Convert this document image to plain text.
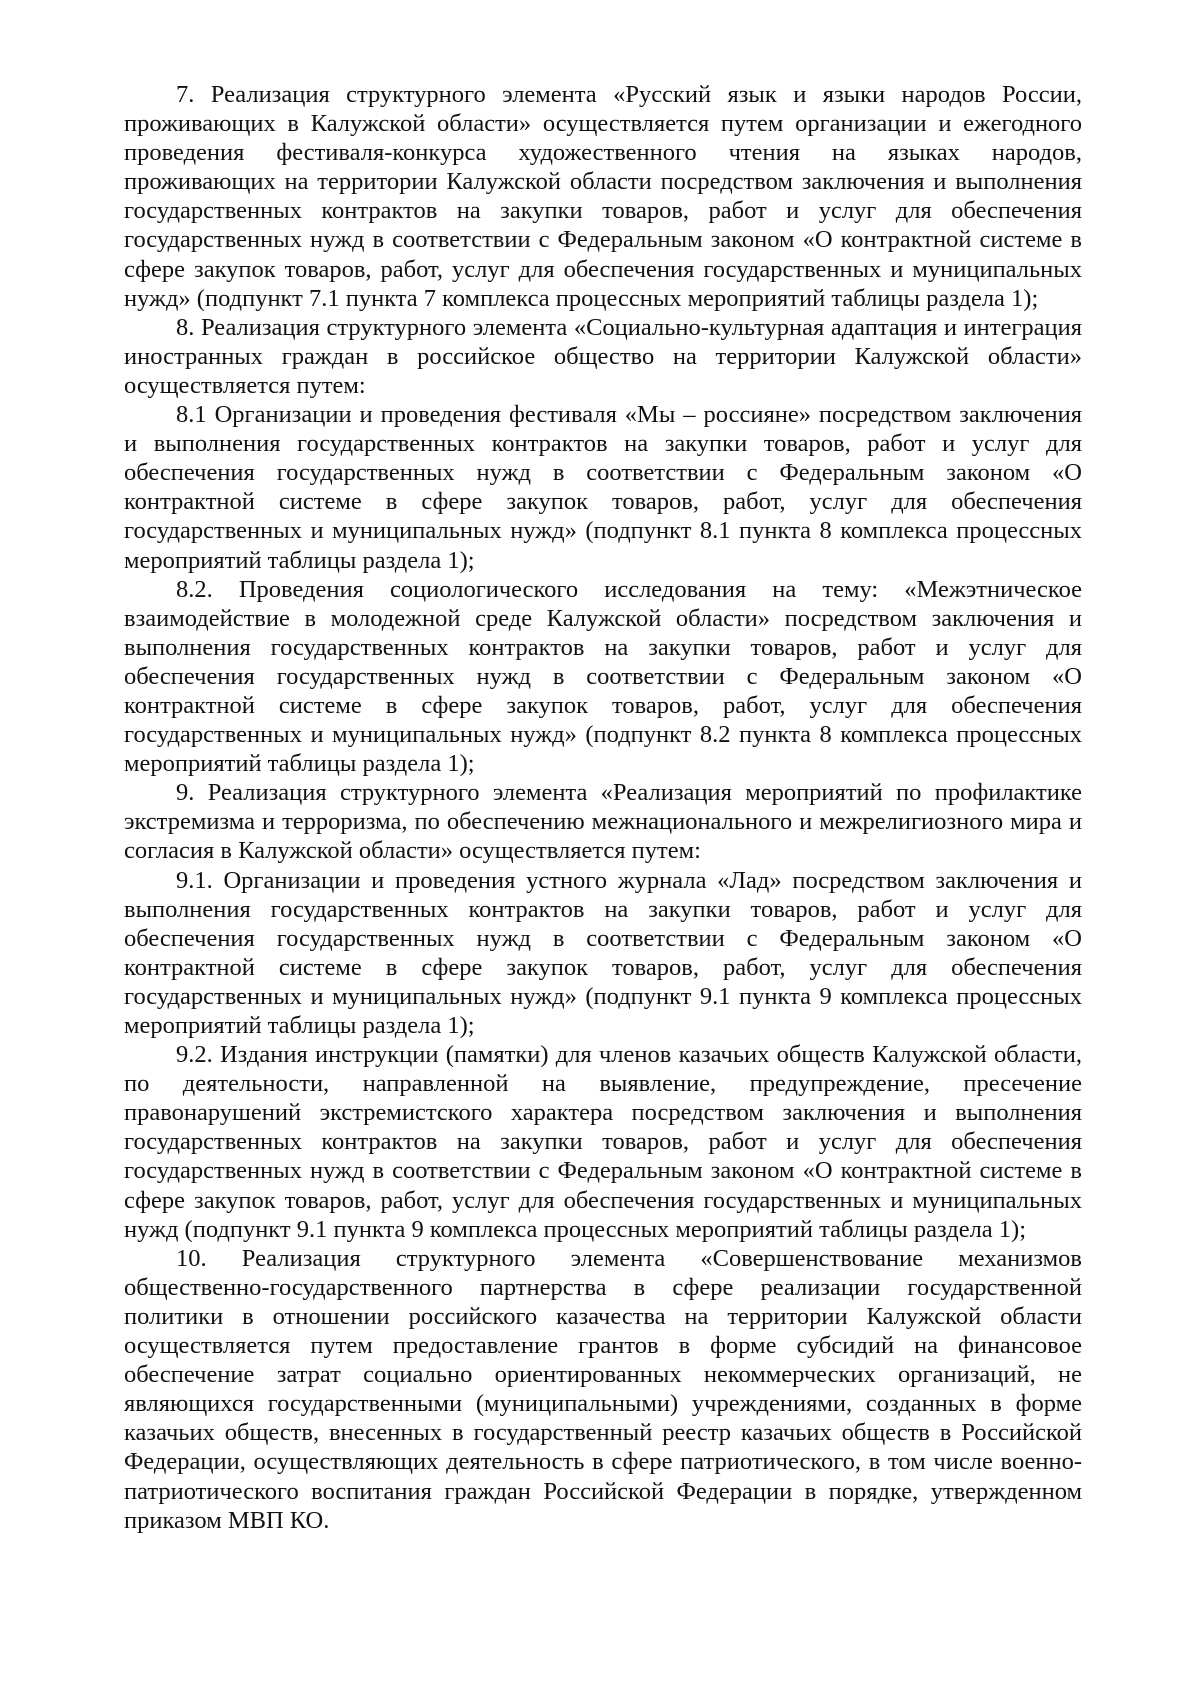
7. Реализация структурного элемента «Русский язык и языки народов России, проживающих в Калужской области» осуществляется путем организации и ежегодного проведения фестиваля-конкурса художественного чтения на языках народов, проживающих на территории Калужской области посредством заключения и выполнения государственных контрактов на закупки товаров, работ и услуг для обеспечения государственных нужд в соответствии с Федеральным законом «О контрактной системе в сфере закупок товаров, работ, услуг для обеспечения государственных и муниципальных нужд» (подпункт 7.1 пункта 7 комплекса процессных мероприятий таблицы раздела 1);

8. Реализация структурного элемента «Социально-культурная адаптация и интеграция иностранных граждан в российское общество на территории Калужской области» осуществляется путем:

8.1 Организации и проведения фестиваля «Мы – россияне» посредством заключения и выполнения государственных контрактов на закупки товаров, работ и услуг для обеспечения государственных нужд в соответствии с Федеральным законом «О контрактной системе в сфере закупок товаров, работ, услуг для обеспечения государственных и муниципальных нужд» (подпункт 8.1 пункта 8 комплекса процессных мероприятий таблицы раздела 1);

8.2. Проведения социологического исследования на тему: «Межэтническое взаимодействие в молодежной среде Калужской области» посредством заключения и выполнения государственных контрактов на закупки товаров, работ и услуг для обеспечения государственных нужд в соответствии с Федеральным законом «О контрактной системе в сфере закупок товаров, работ, услуг для обеспечения государственных и муниципальных нужд» (подпункт 8.2 пункта 8 комплекса процессных мероприятий таблицы раздела 1);

9. Реализация структурного элемента «Реализация мероприятий по профилактике экстремизма и терроризма, по обеспечению межнационального и межрелигиозного мира и согласия в Калужской области» осуществляется путем:

9.1. Организации и проведения устного журнала «Лад» посредством заключения и выполнения государственных контрактов на закупки товаров, работ и услуг для обеспечения государственных нужд в соответствии с Федеральным законом «О контрактной системе в сфере закупок товаров, работ, услуг для обеспечения государственных и муниципальных нужд» (подпункт 9.1 пункта 9 комплекса процессных мероприятий таблицы раздела 1);

9.2. Издания инструкции (памятки) для членов казачьих обществ Калужской области, по деятельности, направленной на выявление, предупреждение, пресечение правонарушений экстремистского характера посредством заключения и выполнения государственных контрактов на закупки товаров, работ и услуг для обеспечения государственных нужд в соответствии с Федеральным законом «О контрактной системе в сфере закупок товаров, работ, услуг для обеспечения государственных и муниципальных нужд (подпункт 9.1 пункта 9 комплекса процессных мероприятий таблицы раздела 1);

10. Реализация структурного элемента «Совершенствование механизмов общественно-государственного партнерства в сфере реализации государственной политики в отношении российского казачества на территории Калужской области осуществляется путем предоставление грантов в форме субсидий на финансовое обеспечение затрат социально ориентированных некоммерческих организаций, не являющихся государственными (муниципальными) учреждениями, созданных в форме казачьих обществ, внесенных в государственный реестр казачьих обществ в Российской Федерации, осуществляющих деятельность в сфере патриотического, в том числе военно-патриотического воспитания граждан Российской Федерации в порядке, утвержденном приказом МВП КО.
